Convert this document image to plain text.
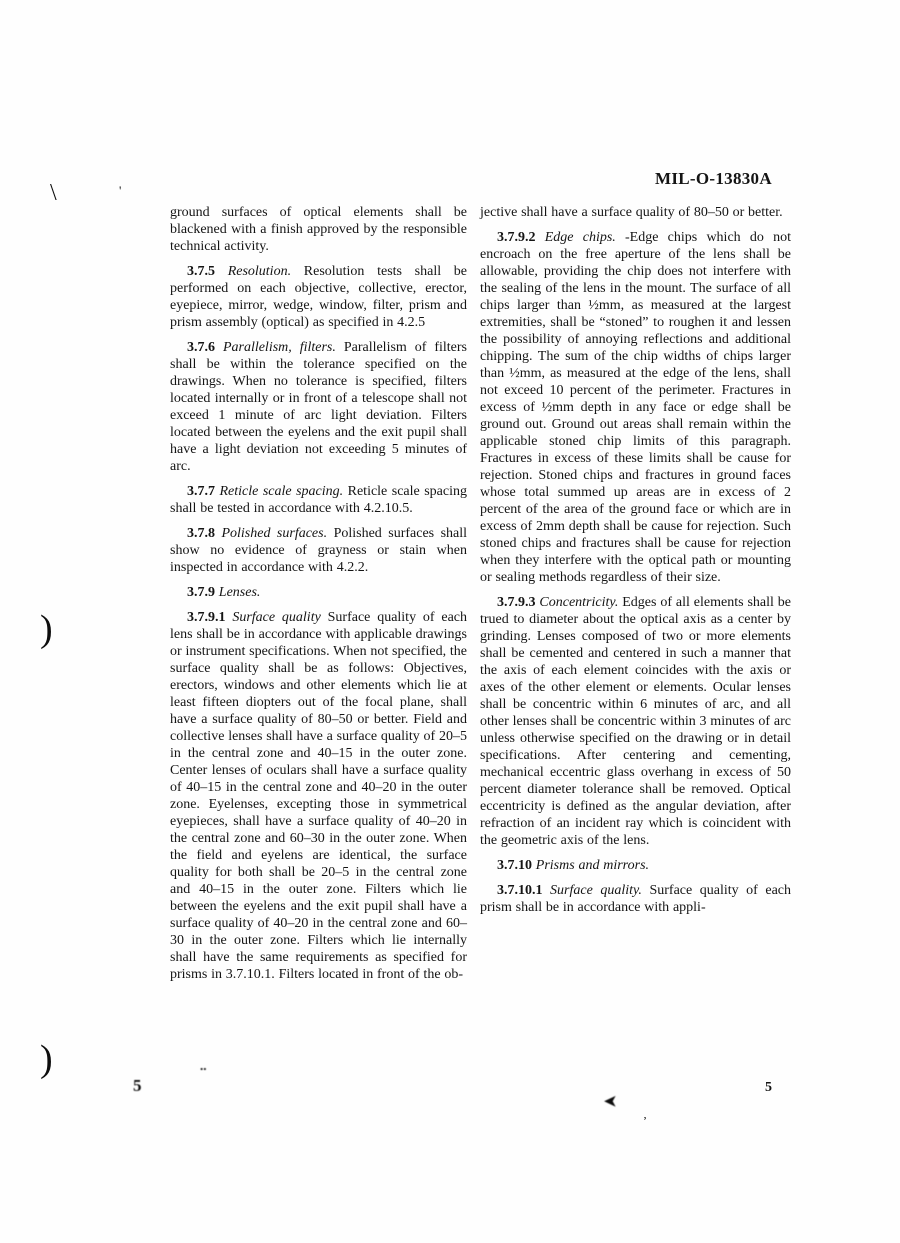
MIL-O-13830A

ground surfaces of optical elements shall be blackened with a finish approved by the responsible technical activity.

3.7.5 Resolution. Resolution tests shall be performed on each objective, collective, erector, eyepiece, mirror, wedge, window, filter, prism and prism assembly (optical) as specified in 4.2.5

3.7.6 Parallelism, filters. Parallelism of filters shall be within the tolerance specified on the drawings. When no tolerance is specified, filters located internally or in front of a telescope shall not exceed 1 minute of arc light deviation. Filters located between the eyelens and the exit pupil shall have a light deviation not exceeding 5 minutes of arc.

3.7.7 Reticle scale spacing. Reticle scale spacing shall be tested in accordance with 4.2.10.5.

3.7.8 Polished surfaces. Polished surfaces shall show no evidence of grayness or stain when inspected in accordance with 4.2.2.

3.7.9 Lenses.

3.7.9.1 Surface quality Surface quality of each lens shall be in accordance with applicable drawings or instrument specifications. When not specified, the surface quality shall be as follows: Objectives, erectors, windows and other elements which lie at least fifteen diopters out of the focal plane, shall have a surface quality of 80–50 or better. Field and collective lenses shall have a surface quality of 20–5 in the central zone and 40–15 in the outer zone. Center lenses of oculars shall have a surface quality of 40–15 in the central zone and 40–20 in the outer zone. Eyelenses, excepting those in symmetrical eyepieces, shall have a surface quality of 40–20 in the central zone and 60–30 in the outer zone. When the field and eyelens are identical, the surface quality for both shall be 20–5 in the central zone and 40–15 in the outer zone. Filters which lie between the eyelens and the exit pupil shall have a surface quality of 40–20 in the central zone and 60–30 in the outer zone. Filters which lie internally shall have the same requirements as specified for prisms in 3.7.10.1. Filters located in front of the ob-

jective shall have a surface quality of 80–50 or better.

3.7.9.2 Edge chips. -Edge chips which do not encroach on the free aperture of the lens shall be allowable, providing the chip does not interfere with the sealing of the lens in the mount. The surface of all chips larger than ½mm, as measured at the largest extremities, shall be “stoned” to roughen it and lessen the possibility of annoying reflections and additional chipping. The sum of the chip widths of chips larger than ½mm, as measured at the edge of the lens, shall not exceed 10 percent of the perimeter. Fractures in excess of ½mm depth in any face or edge shall be ground out. Ground out areas shall remain within the applicable stoned chip limits of this paragraph. Fractures in excess of these limits shall be cause for rejection. Stoned chips and fractures in ground faces whose total summed up areas are in excess of 2 percent of the area of the ground face or which are in excess of 2mm depth shall be cause for rejection. Such stoned chips and fractures shall be cause for rejection when they interfere with the optical path or mounting or sealing methods regardless of their size.

3.7.9.3 Concentricity. Edges of all elements shall be trued to diameter about the optical axis as a center by grinding. Lenses composed of two or more elements shall be cemented and centered in such a manner that the axis of each element coincides with the axis or axes of the other element or elements. Ocular lenses shall be concentric within 6 minutes of arc, and all other lenses shall be concentric within 3 minutes of arc unless otherwise specified on the drawing or in detail specifications. After centering and cementing, mechanical eccentric glass overhang in excess of 50 percent diameter tolerance shall be removed. Optical eccentricity is defined as the angular deviation, after refraction of an incident ray which is coincident with the geometric axis of the lens.

3.7.10 Prisms and mirrors.

3.7.10.1 Surface quality. Surface quality of each prism shall be in accordance with appli-

5
\	'
)
)
5
..
➤
‚
